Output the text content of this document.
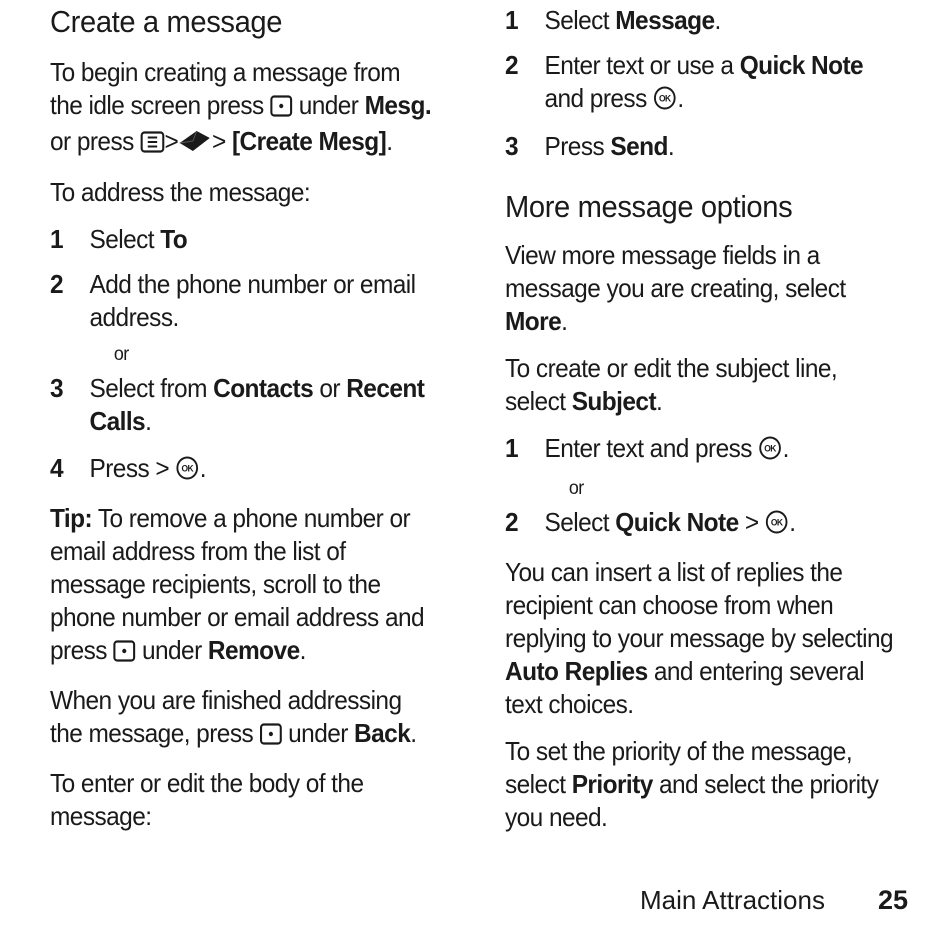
Create a message

To begin creating a message from the idle screen press under Mesg. or press > > [Create Mesg].

To address the message:

1 Select To
2 Add the phone number or email address.
or
3 Select from Contacts or Recent Calls.
4 Press > OK .

Tip: To remove a phone number or email address from the list of message recipients, scroll to the phone number or email address and press under Remove.

When you are finished addressing the message, press under Back.

To enter or edit the body of the message:

1 Select Message.
2 Enter text or use a Quick Note and press OK .
3 Press Send.
More message options

View more message fields in a message you are creating, select More.

To create or edit the subject line, select Subject.

1 Enter text and press OK .
or
2 Select Quick Note > OK .

You can insert a list of replies the recipient can choose from when replying to your message by selecting Auto Replies and entering several text choices.

To set the priority of the message, select Priority and select the priority you need.

Main Attractions 25
